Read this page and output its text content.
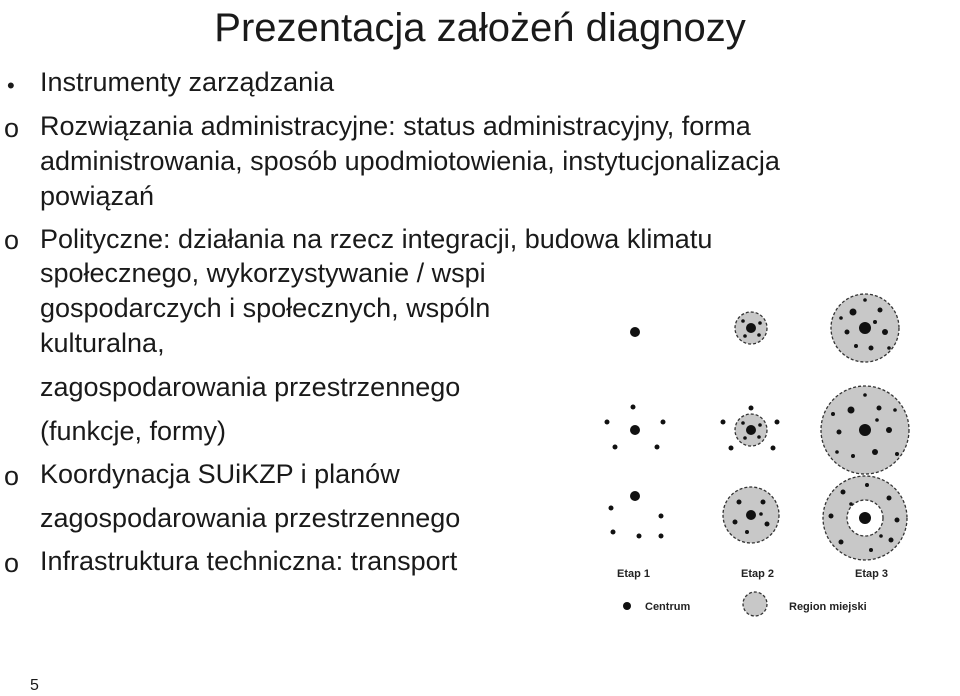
Prezentacja założeń diagnozy
•
o
o
o
o
Instrumenty zarządzania
Rozwiązania administracyjne: status administracyjny, forma
administrowania, sposób upodmiotowienia, instytucjonalizacja
powiązań
Polityczne: działania na rzecz integracji, budowa klimatu
społecznego, wykorzystywanie / wspi
gospodarczych i społecznych, wspóln
kulturalna,
zagospodarowania przestrzennego
(funkcje, formy)
Koordynacja SUiKZP i planów
zagospodarowania przestrzennego
Infrastruktura techniczna: transport	Etap 1	Etap 2	Etap 3
Centrum	Region miejski
5
